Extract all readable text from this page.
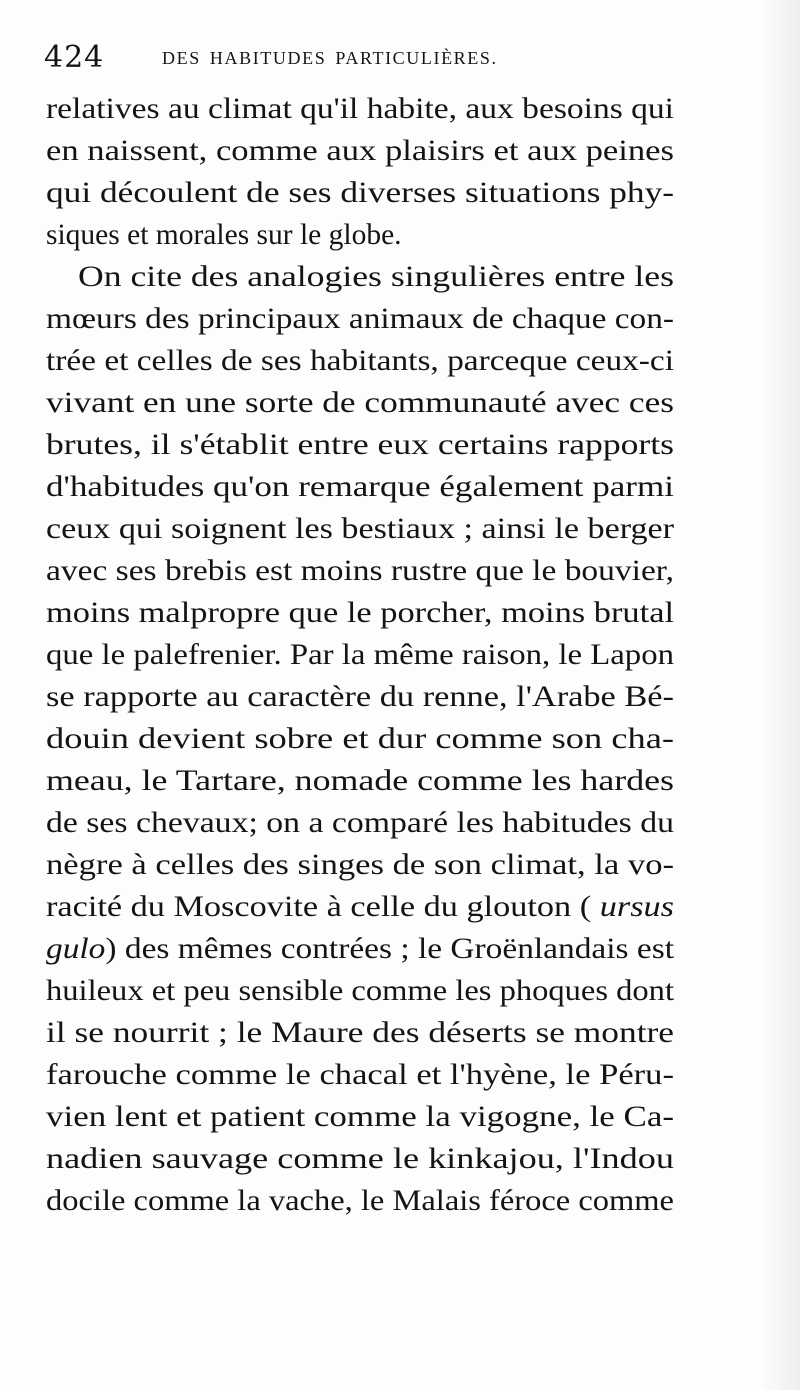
424	DES HABITUDES PARTICULIÈRES.
relatives au climat qu'il habite, aux besoins qui
en naissent, comme aux plaisirs et aux peines
qui découlent de ses diverses situations phy-
siques et morales sur le globe.
On cite des analogies singulières entre les
mœurs des principaux animaux de chaque con-
trée et celles de ses habitants, parceque ceux-ci
vivant en une sorte de communauté avec ces
brutes, il s'établit entre eux certains rapports
d'habitudes qu'on remarque également parmi
ceux qui soignent les bestiaux ; ainsi le berger
avec ses brebis est moins rustre que le bouvier,
moins malpropre que le porcher, moins brutal
que le palefrenier. Par la même raison, le Lapon
se rapporte au caractère du renne, l'Arabe Bé-
douin devient sobre et dur comme son cha-
meau, le Tartare, nomade comme les hardes
de ses chevaux; on a comparé les habitudes du
nègre à celles des singes de son climat, la vo-
racité du Moscovite à celle du glouton ( ursus
gulo) des mêmes contrées ; le Groënlandais est
huileux et peu sensible comme les phoques dont
il se nourrit ; le Maure des déserts se montre
farouche comme le chacal et l'hyène, le Péru-
vien lent et patient comme la vigogne, le Ca-
nadien sauvage comme le kinkajou, l'Indou
docile comme la vache, le Malais féroce comme
